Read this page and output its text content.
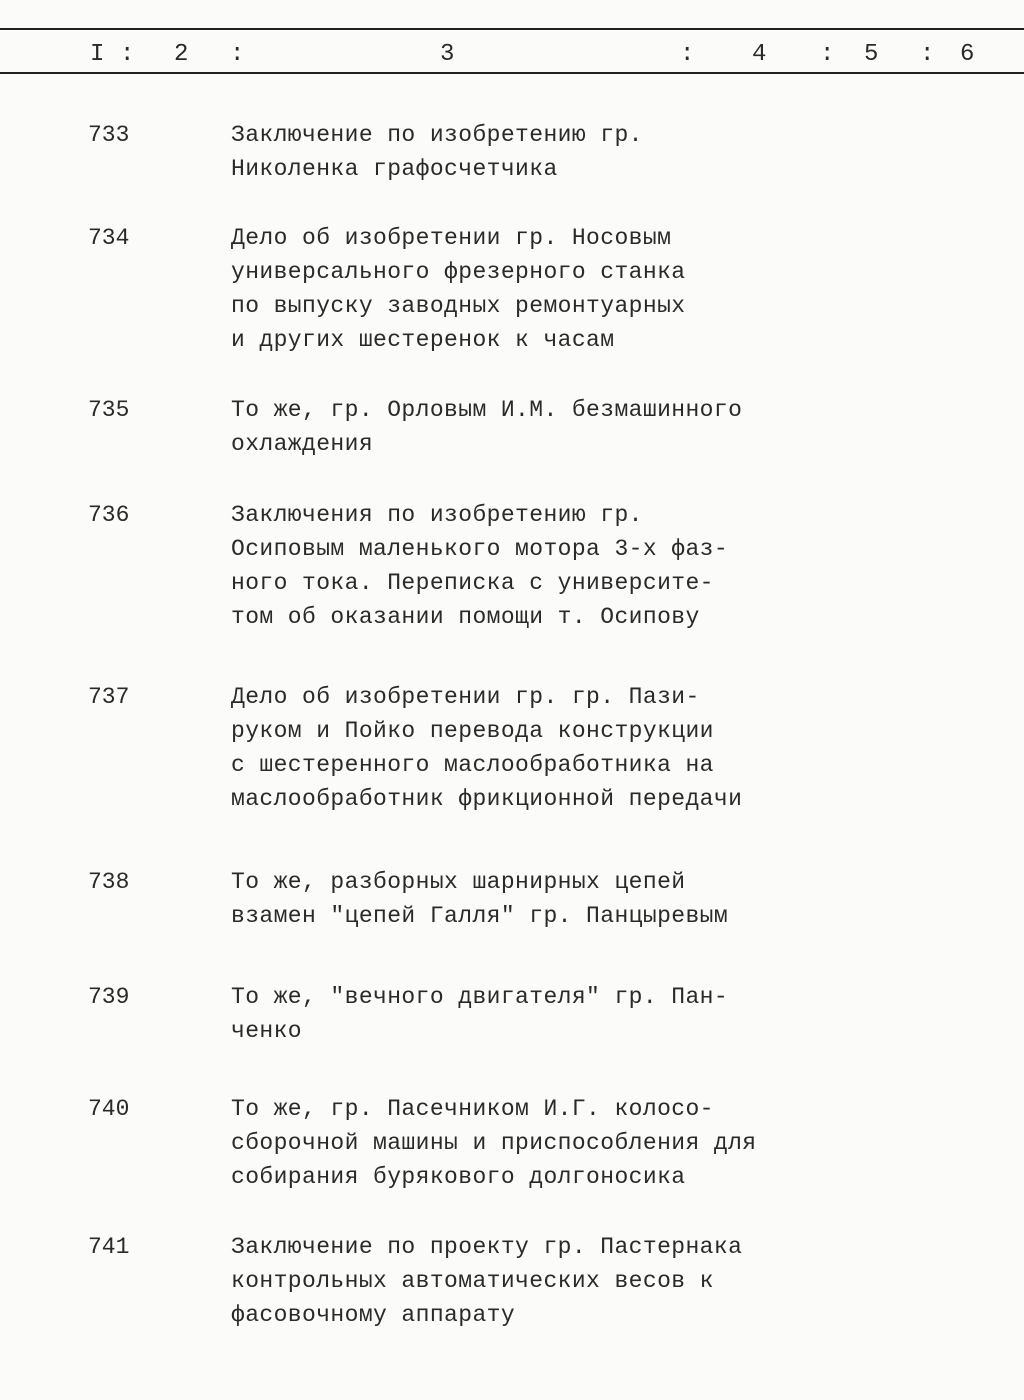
I : 2 :	3	: 4 : 5 : 6
733	Заключение по изобретению гр.
Николенка графосчетчика
734	Дело об изобретении гр. Носовым
универсального фрезерного станка
по выпуску заводных ремонтуарных
и других шестеренок к часам
735	То же, гр. Орловым И.М. безмашинного
охлаждения
736	Заключения по изобретению гр.
Осиповым маленького мотора 3-х фаз-
ного тока. Переписка с университе-
том об оказании помощи т. Осипову
737	Дело об изобретении гр. гр. Пази-
руком и Пойко перевода конструкции
с шестеренного маслообработника на
маслообработник фрикционной передачи
738	То же, разборных шарнирных цепей
взамен "цепей Галля" гр. Панцыревым
739	То же, "вечного двигателя" гр. Пан-
ченко
740	То же, гр. Пасечником И.Г. колосо-
сборочной машины и приспособления для
собирания бурякового долгоносика
741	Заключение по проекту гр. Пастернака
контрольных автоматических весов к
фасовочному аппарату
